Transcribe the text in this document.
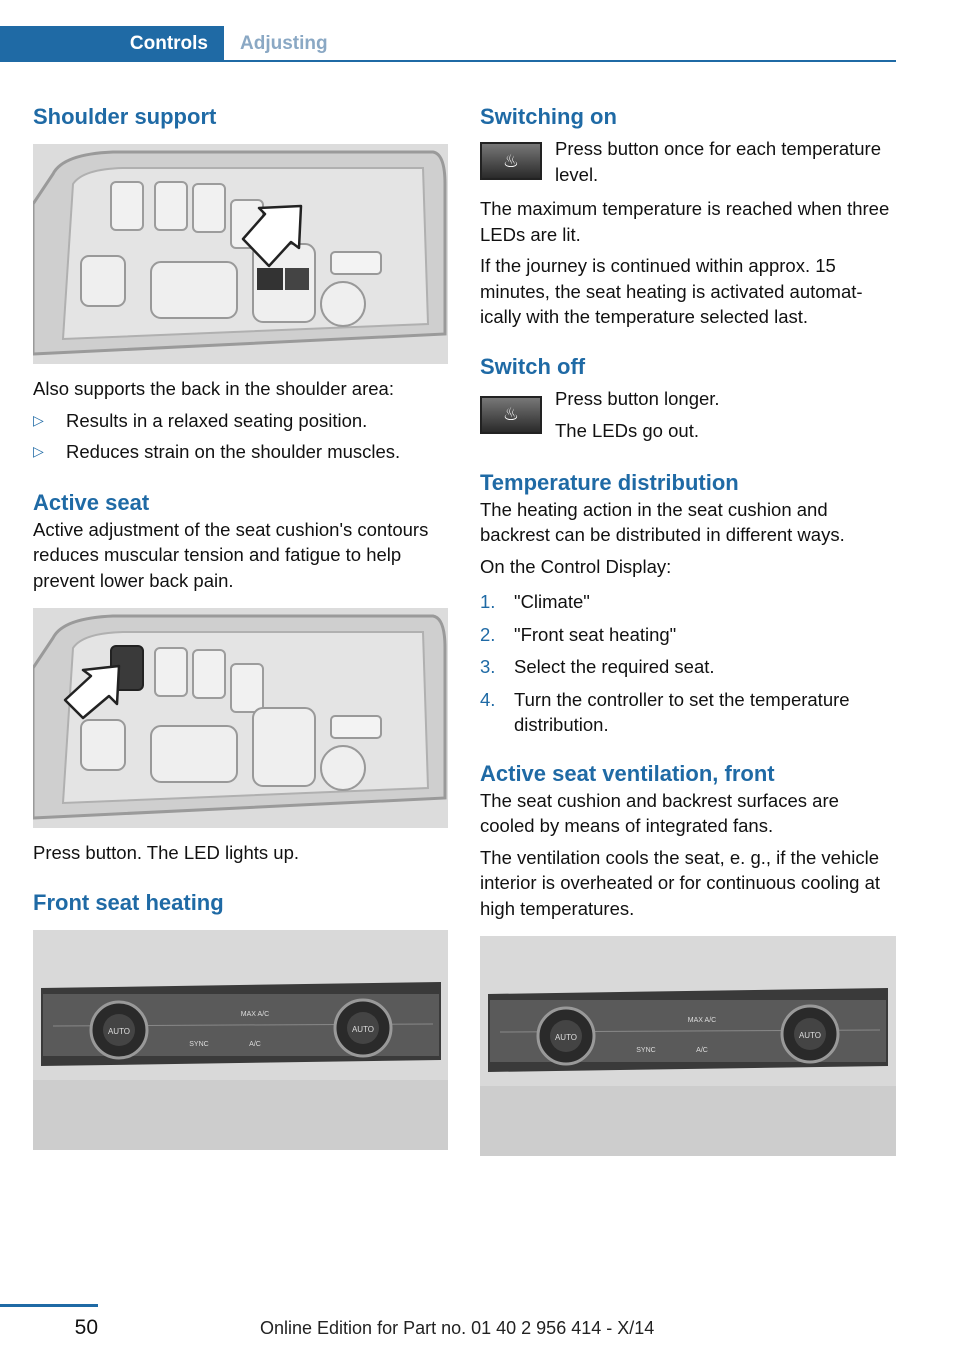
Controls	Adjusting
Shoulder support

Also supports the back in the shoulder area:

▷ Results in a relaxed seating position.
▷ Reduces strain on the shoulder muscles.
Active seat

Active adjustment of the seat cushion's contours reduces muscular tension and fatigue to help prevent lower back pain.

Press button. The LED lights up.

Front seat heating
AUTO	AUTO
MAX A/C
SYNC	A/C
Switching on
♨

Press button once for each temperature level.

The maximum temperature is reached when three LEDs are lit.

If the journey is continued within approx. 15 minutes, the seat heating is activated automatically with the temperature selected last.

Switch off
♨

Press button longer.

The LEDs go out.

Temperature distribution

The heating action in the seat cushion and backrest can be distributed in different ways.

On the Control Display:

1. "Climate"
2. "Front seat heating"
3. Select the required seat.
4. Turn the controller to set the temperature distribution.
Active seat ventilation, front

The seat cushion and backrest surfaces are cooled by means of integrated fans.

The ventilation cools the seat, e. g., if the vehicle interior is overheated or for continuous cooling at high temperatures.

AUTO	AUTO
MAX A/C
SYNC	A/C
50	Online Edition for Part no. 01 40 2 956 414 - X/14
